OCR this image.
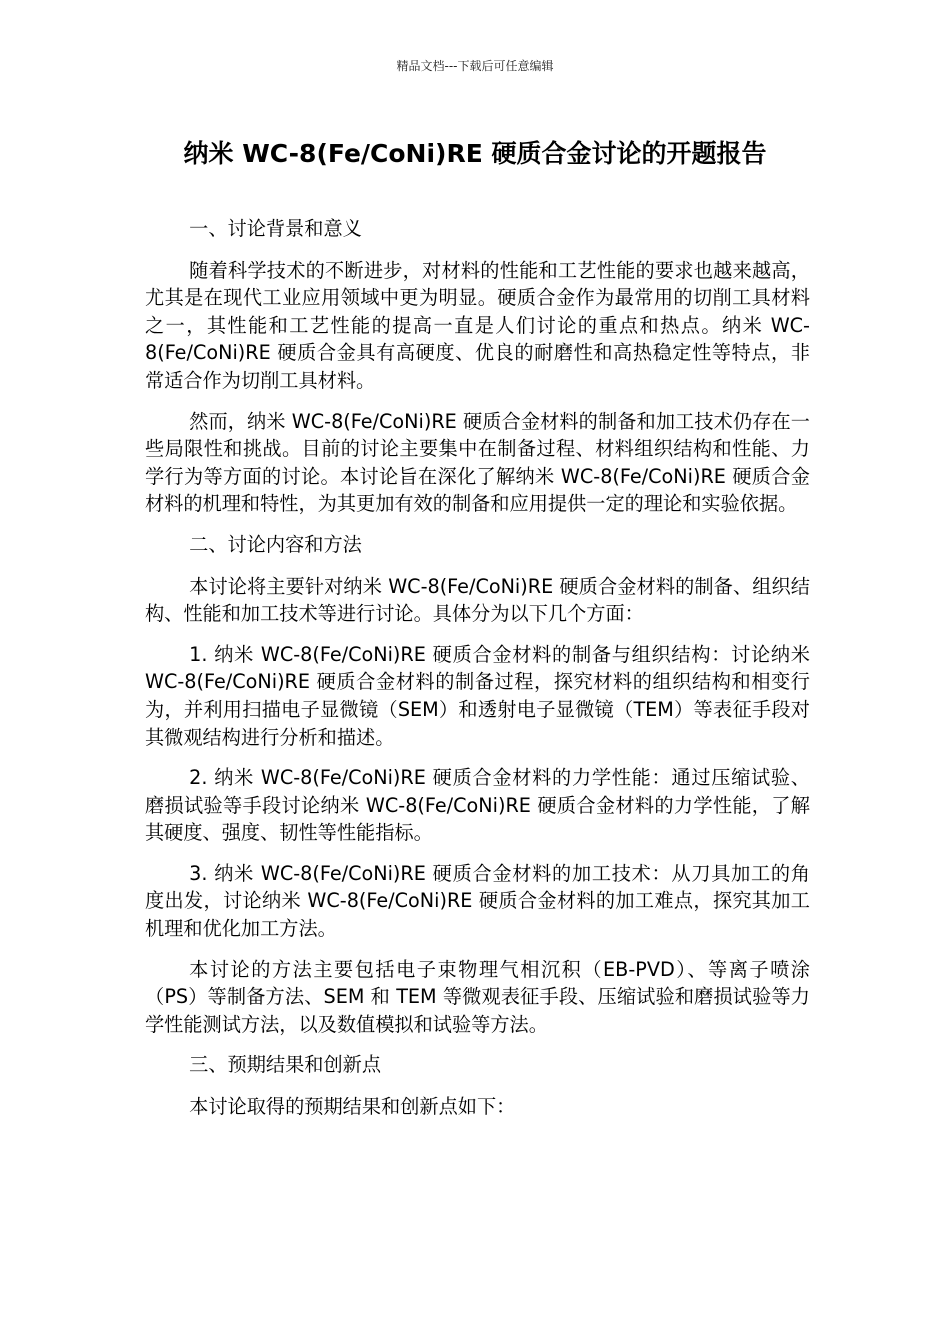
精品文档---下载后可任意编辑
纳米 WC-8(Fe/CoNi)RE 硬质合金讨论的开题报告

一、讨论背景和意义

随着科学技术的不断进步，对材料的性能和工艺性能的要求也越来越高，尤其是在现代工业应用领域中更为明显。硬质合金作为最常用的切削工具材料之一，其性能和工艺性能的提高一直是人们讨论的重点和热点。纳米 WC-8(Fe/CoNi)RE 硬质合金具有高硬度、优良的耐磨性和高热稳定性等特点，非常适合作为切削工具材料。

然而，纳米 WC-8(Fe/CoNi)RE 硬质合金材料的制备和加工技术仍存在一些局限性和挑战。目前的讨论主要集中在制备过程、材料组织结构和性能、力学行为等方面的讨论。本讨论旨在深化了解纳米 WC-8(Fe/CoNi)RE 硬质合金材料的机理和特性，为其更加有效的制备和应用提供一定的理论和实验依据。

二、讨论内容和方法

本讨论将主要针对纳米 WC-8(Fe/CoNi)RE 硬质合金材料的制备、组织结构、性能和加工技术等进行讨论。具体分为以下几个方面：

1. 纳米 WC-8(Fe/CoNi)RE 硬质合金材料的制备与组织结构：讨论纳米 WC-8(Fe/CoNi)RE 硬质合金材料的制备过程，探究材料的组织结构和相变行为，并利用扫描电子显微镜（SEM）和透射电子显微镜（TEM）等表征手段对其微观结构进行分析和描述。

2. 纳米 WC-8(Fe/CoNi)RE 硬质合金材料的力学性能：通过压缩试验、磨损试验等手段讨论纳米 WC-8(Fe/CoNi)RE 硬质合金材料的力学性能，了解其硬度、强度、韧性等性能指标。

3. 纳米 WC-8(Fe/CoNi)RE 硬质合金材料的加工技术：从刀具加工的角度出发，讨论纳米 WC-8(Fe/CoNi)RE 硬质合金材料的加工难点，探究其加工机理和优化加工方法。

本讨论的方法主要包括电子束物理气相沉积（EB-PVD）、等离子喷涂（PS）等制备方法、SEM 和 TEM 等微观表征手段、压缩试验和磨损试验等力学性能测试方法，以及数值模拟和试验等方法。

三、预期结果和创新点

本讨论取得的预期结果和创新点如下：
